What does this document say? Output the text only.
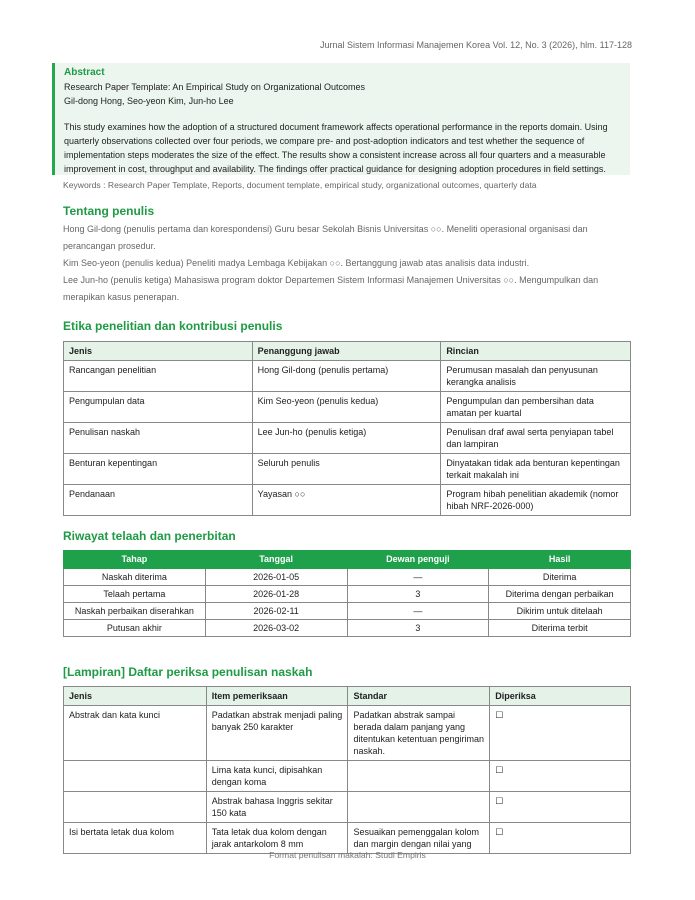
Jurnal Sistem Informasi Manajemen Korea Vol. 12, No. 3 (2026), hlm. 117-128
Abstract
Research Paper Template: An Empirical Study on Organizational Outcomes
Gil-dong Hong, Seo-yeon Kim, Jun-ho Lee
This study examines how the adoption of a structured document framework affects operational performance in the reports domain. Using quarterly observations collected over four periods, we compare pre- and post-adoption indicators and test whether the sequence of implementation steps moderates the size of the effect. The results show a consistent increase across all four quarters and a measurable improvement in cost, throughput and availability. The findings offer practical guidance for designing adoption procedures in field settings.
Keywords : Research Paper Template, Reports, document template, empirical study, organizational outcomes, quarterly data
Tentang penulis
Hong Gil-dong (penulis pertama dan korespondensi) Guru besar Sekolah Bisnis Universitas ○○. Meneliti operasional organisasi dan perancangan prosedur.
Kim Seo-yeon (penulis kedua) Peneliti madya Lembaga Kebijakan ○○. Bertanggung jawab atas analisis data industri.
Lee Jun-ho (penulis ketiga) Mahasiswa program doktor Departemen Sistem Informasi Manajemen Universitas ○○. Mengumpulkan dan merapikan kasus penerapan.
Etika penelitian dan kontribusi penulis
Jenis	Penanggung jawab	Rincian
Rancangan penelitian	Hong Gil-dong (penulis pertama)	Perumusan masalah dan penyusunan kerangka analisis
Pengumpulan data	Kim Seo-yeon (penulis kedua)	Pengumpulan dan pembersihan data amatan per kuartal
Penulisan naskah	Lee Jun-ho (penulis ketiga)	Penulisan draf awal serta penyiapan tabel dan lampiran
Benturan kepentingan	Seluruh penulis	Dinyatakan tidak ada benturan kepentingan terkait makalah ini
Pendanaan	Yayasan ○○	Program hibah penelitian akademik (nomor hibah NRF-2026-000)
Riwayat telaah dan penerbitan
Tahap	Tanggal	Dewan penguji	Hasil
Naskah diterima	2026-01-05	—	Diterima
Telaah pertama	2026-01-28	3	Diterima dengan perbaikan
Naskah perbaikan diserahkan	2026-02-11	—	Dikirim untuk ditelaah
Putusan akhir	2026-03-02	3	Diterima terbit
[Lampiran] Daftar periksa penulisan naskah
Jenis	Item pemeriksaan	Standar	Diperiksa
Abstrak dan kata kunci	Padatkan abstrak menjadi paling banyak 250 karakter	Padatkan abstrak sampai berada dalam panjang yang ditentukan ketentuan pengiriman naskah.	☐
	Lima kata kunci, dipisahkan dengan koma		☐
	Abstrak bahasa Inggris sekitar 150 kata		☐
Isi bertata letak dua kolom	Tata letak dua kolom dengan jarak antarkolom 8 mm	Sesuaikan pemenggalan kolom dan margin dengan nilai yang	☐
Format penulisan makalah: Studi Empiris
